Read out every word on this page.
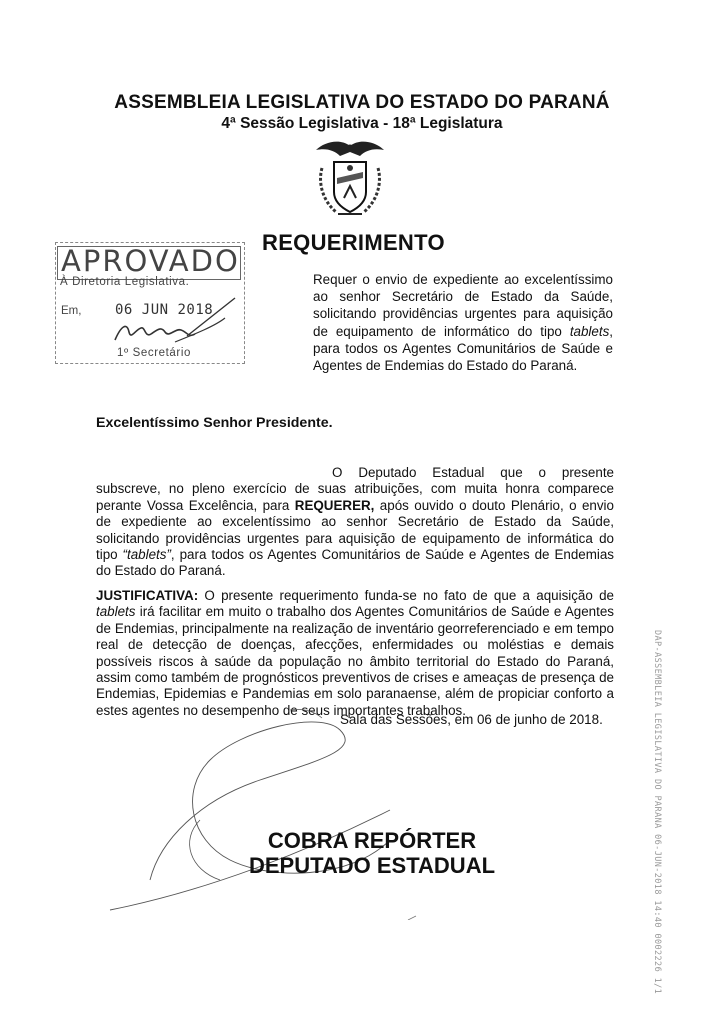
ASSEMBLEIA LEGISLATIVA DO ESTADO DO PARANÁ
4ª Sessão Legislativa - 18ª Legislatura
REQUERIMENTO
Requer o envio de expediente ao excelentíssimo ao senhor Secretário de Estado da Saúde, solicitando providências urgentes para aquisição de equipamento de informático do tipo tablets, para todos os Agentes Comunitários de Saúde e Agentes de Endemias do Estado do Paraná.
APROVADO
À Diretoria Legislativa.
Em, 06 JUN 2018
1º Secretário
Excelentíssimo Senhor Presidente.
O Deputado Estadual que o presente subscreve, no pleno exercício de suas atribuições, com muita honra comparece perante Vossa Excelência, para REQUERER, após ouvido o douto Plenário, o envio de expediente ao excelentíssimo ao senhor Secretário de Estado da Saúde, solicitando providências urgentes para aquisição de equipamento de informática do tipo “tablets”, para todos os Agentes Comunitários de Saúde e Agentes de Endemias do Estado do Paraná.
JUSTIFICATIVA: O presente requerimento funda-se no fato de que a aquisição de tablets irá facilitar em muito o trabalho dos Agentes Comunitários de Saúde e Agentes de Endemias, principalmente na realização de inventário georreferenciado e em tempo real de detecção de doenças, afecções, enfermidades ou moléstias e demais possíveis riscos à saúde da população no âmbito territorial do Estado do Paraná, assim como também de prognósticos preventivos de crises e ameaças de presença de Endemias, Epidemias e Pandemias em solo paranaense, além de propiciar conforto a estes agentes no desempenho de seus importantes trabalhos.
Sala das Sessões, em 06 de junho de 2018.
COBRA REPÓRTER
DEPUTADO ESTADUAL	DAP-ASSEMBLEIA LEGISLATIVA DO PARANA 06-JUN-2018 14:40 0002226 1/1
